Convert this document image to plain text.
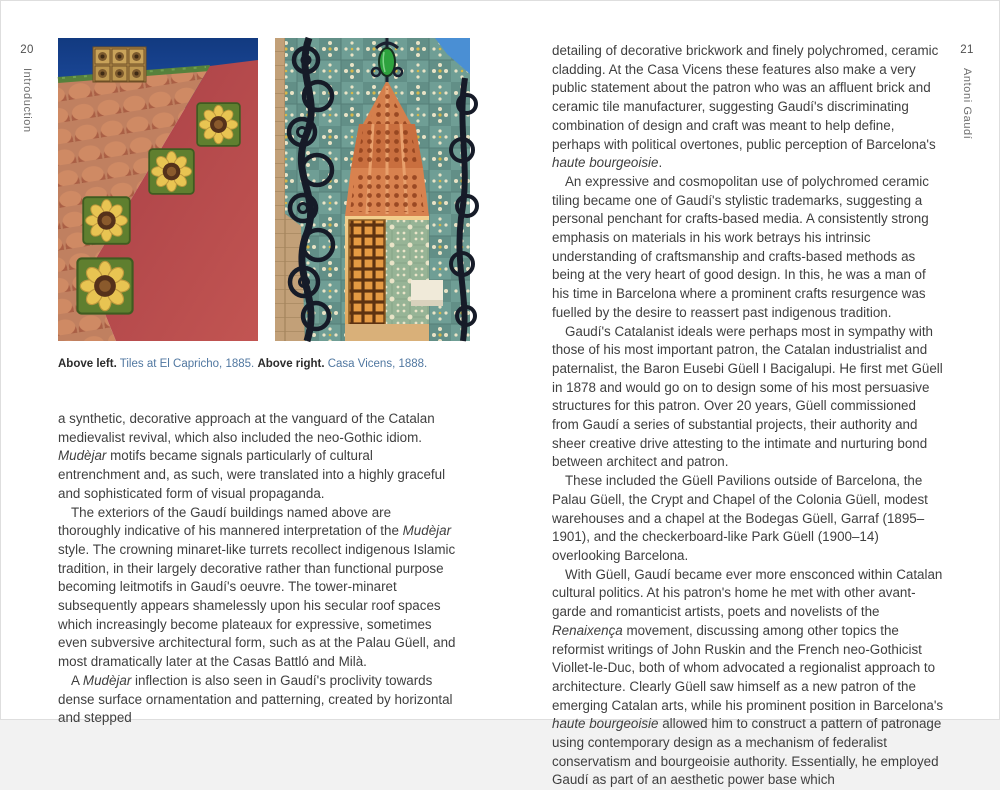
20
Introduction
21
Antoni Gaudí
Above left. Tiles at El Capricho, 1885. Above right. Casa Vicens, 1888.

a synthetic, decorative approach at the vanguard of the Catalan medievalist revival, which also included the neo-Gothic idiom. Mudèjar motifs became signals particularly of cultural entrenchment and, as such, were translated into a highly graceful and sophisticated form of visual propaganda.

The exteriors of the Gaudí buildings named above are thoroughly indicative of his mannered interpretation of the Mudèjar style. The crowning minaret-like turrets recollect indigenous Islamic tradition, in their largely decorative rather than functional purpose becoming leitmotifs in Gaudí's oeuvre. The tower-minaret subsequently appears shamelessly upon his secular roof spaces which increasingly become plateaux for expressive, sometimes even subversive architectural form, such as at the Palau Güell, and most dramatically later at the Casas Battló and Milà.

A Mudèjar inflection is also seen in Gaudí's proclivity towards dense surface ornamentation and patterning, created by horizontal and stepped

detailing of decorative brickwork and finely polychromed, ceramic cladding. At the Casa Vicens these features also make a very public statement about the patron who was an affluent brick and ceramic tile manufacturer, suggesting Gaudí's discriminating combination of design and craft was meant to help define, perhaps with political overtones, public perception of Barcelona's haute bourgeoisie.

An expressive and cosmopolitan use of polychromed ceramic tiling became one of Gaudí's stylistic trademarks, suggesting a personal penchant for crafts-based media. A consistently strong emphasis on materials in his work betrays his intrinsic understanding of craftsmanship and crafts-based methods as being at the very heart of good design. In this, he was a man of his time in Barcelona where a prominent crafts resurgence was fuelled by the desire to reassert past indigenous tradition.

Gaudí's Catalanist ideals were perhaps most in sympathy with those of his most important patron, the Catalan industrialist and paternalist, the Baron Eusebi Güell I Bacigalupi. He first met Güell in 1878 and would go on to design some of his most persuasive structures for this patron. Over 20 years, Güell commissioned from Gaudí a series of substantial projects, their authority and sheer creative drive attesting to the intimate and nurturing bond between architect and patron.

These included the Güell Pavilions outside of Barcelona, the Palau Güell, the Crypt and Chapel of the Colonia Güell, modest warehouses and a chapel at the Bodegas Güell, Garraf (1895–1901), and the checkerboard-like Park Güell (1900–14) overlooking Barcelona.

With Güell, Gaudí became ever more ensconced within Catalan cultural politics. At his patron's home he met with other avant-garde and romanticist artists, poets and novelists of the Renaixença movement, discussing among other topics the reformist writings of John Ruskin and the French neo-Gothicist Viollet-le-Duc, both of whom advocated a regionalist approach to architecture. Clearly Güell saw himself as a new patron of the emerging Catalan arts, while his prominent position in Barcelona's haute bourgeoisie allowed him to construct a pattern of patronage using contemporary design as a mechanism of federalist conservatism and bourgeoisie authority. Essentially, he employed Gaudí as part of an aesthetic power base which
